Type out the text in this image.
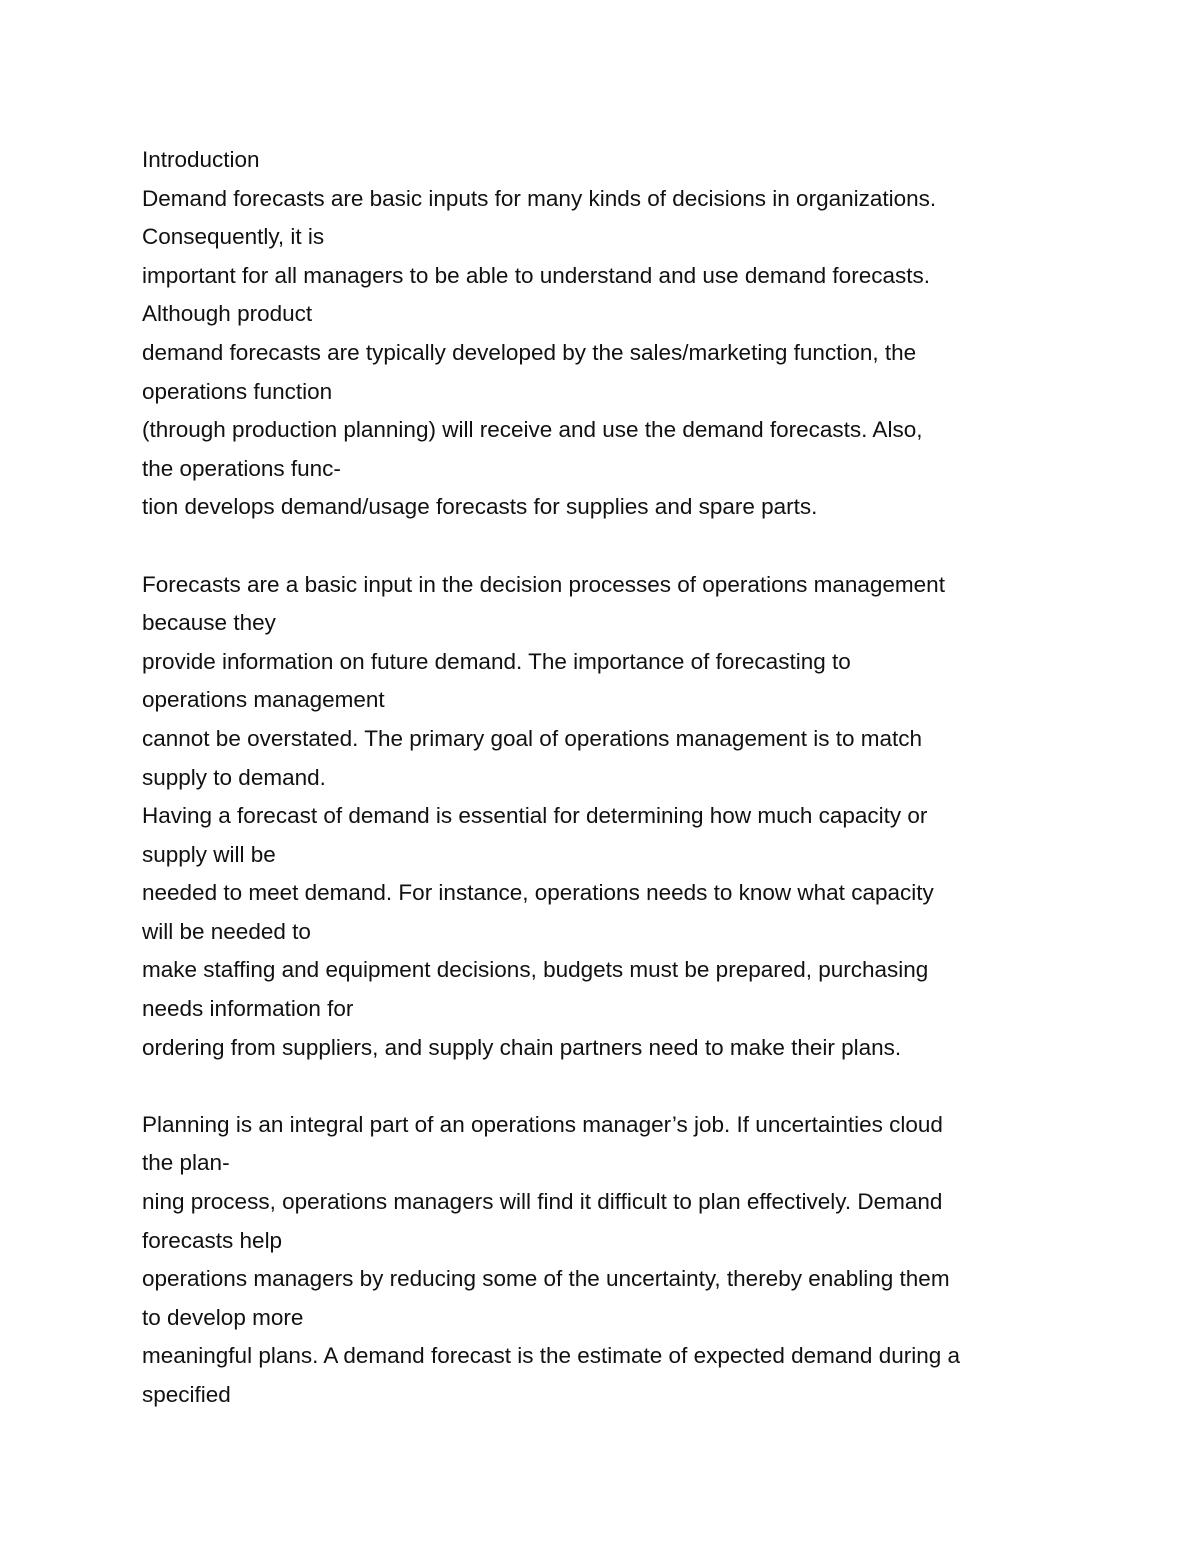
Introduction
Demand forecasts are basic inputs for many kinds of decisions in organizations.
Consequently, it is
important for all managers to be able to understand and use demand forecasts.
Although product
demand forecasts are typically developed by the sales/marketing function, the
operations function
(through production planning) will receive and use the demand forecasts. Also,
the operations func-
tion develops demand/usage forecasts for supplies and spare parts.
Forecasts are a basic input in the decision processes of operations management
because they
provide information on future demand. The importance of forecasting to
operations management
cannot be overstated. The primary goal of operations management is to match
supply to demand.
Having a forecast of demand is essential for determining how much capacity or
supply will be
needed to meet demand. For instance, operations needs to know what capacity
will be needed to
make staffing and equipment decisions, budgets must be prepared, purchasing
needs information for
ordering from suppliers, and supply chain partners need to make their plans.
Planning is an integral part of an operations manager’s job. If uncertainties cloud
the plan-
ning process, operations managers will find it difficult to plan effectively. Demand
forecasts help
operations managers by reducing some of the uncertainty, thereby enabling them
to develop more
meaningful plans. A demand forecast is the estimate of expected demand during a
specified
